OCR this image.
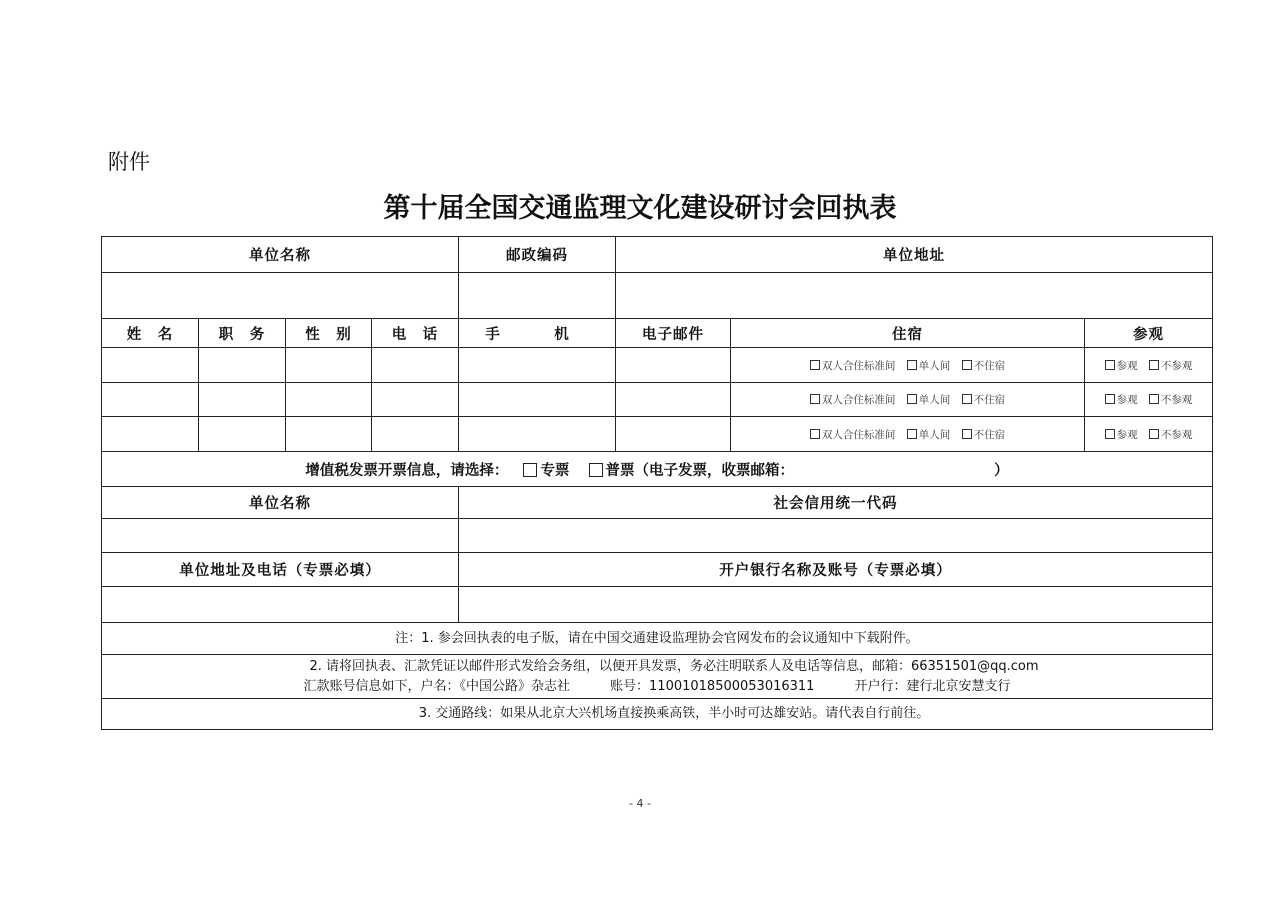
附件
第十届全国交通监理文化建设研讨会回执表
单位名称				邮政编码	单位地址		

姓　名	职　务	性　别	电　话	手　机	电子邮件	住宿	参观
						双人合住标准间 单人间 不住宿	参观 不参观
						双人合住标准间 单人间 不住宿	参观 不参观
						双人合住标准间 单人间 不住宿	参观 不参观
增值税发票开票信息，请选择： 专票 普票（电子发票，收票邮箱： ）							
单位名称				社会信用统一代码			

单位地址及电话（专票必填）				开户银行名称及账号（专票必填）			

注：1. 参会回执表的电子版，请在中国交通建设监理协会官网发布的会议通知中下载附件。							

2. 请将回执表、汇款凭证以邮件形式发给会务组，以便开具发票，务必注明联系人及电话等信息，邮箱：66351501@qq.com
汇款账号信息如下，户名：《中国公路》杂志社 账号：11001018500053016311 开户行：建行北京安慧支行							

3. 交通路线：如果从北京大兴机场直接换乘高铁，半小时可达雄安站。请代表自行前往。							
- 4 -
